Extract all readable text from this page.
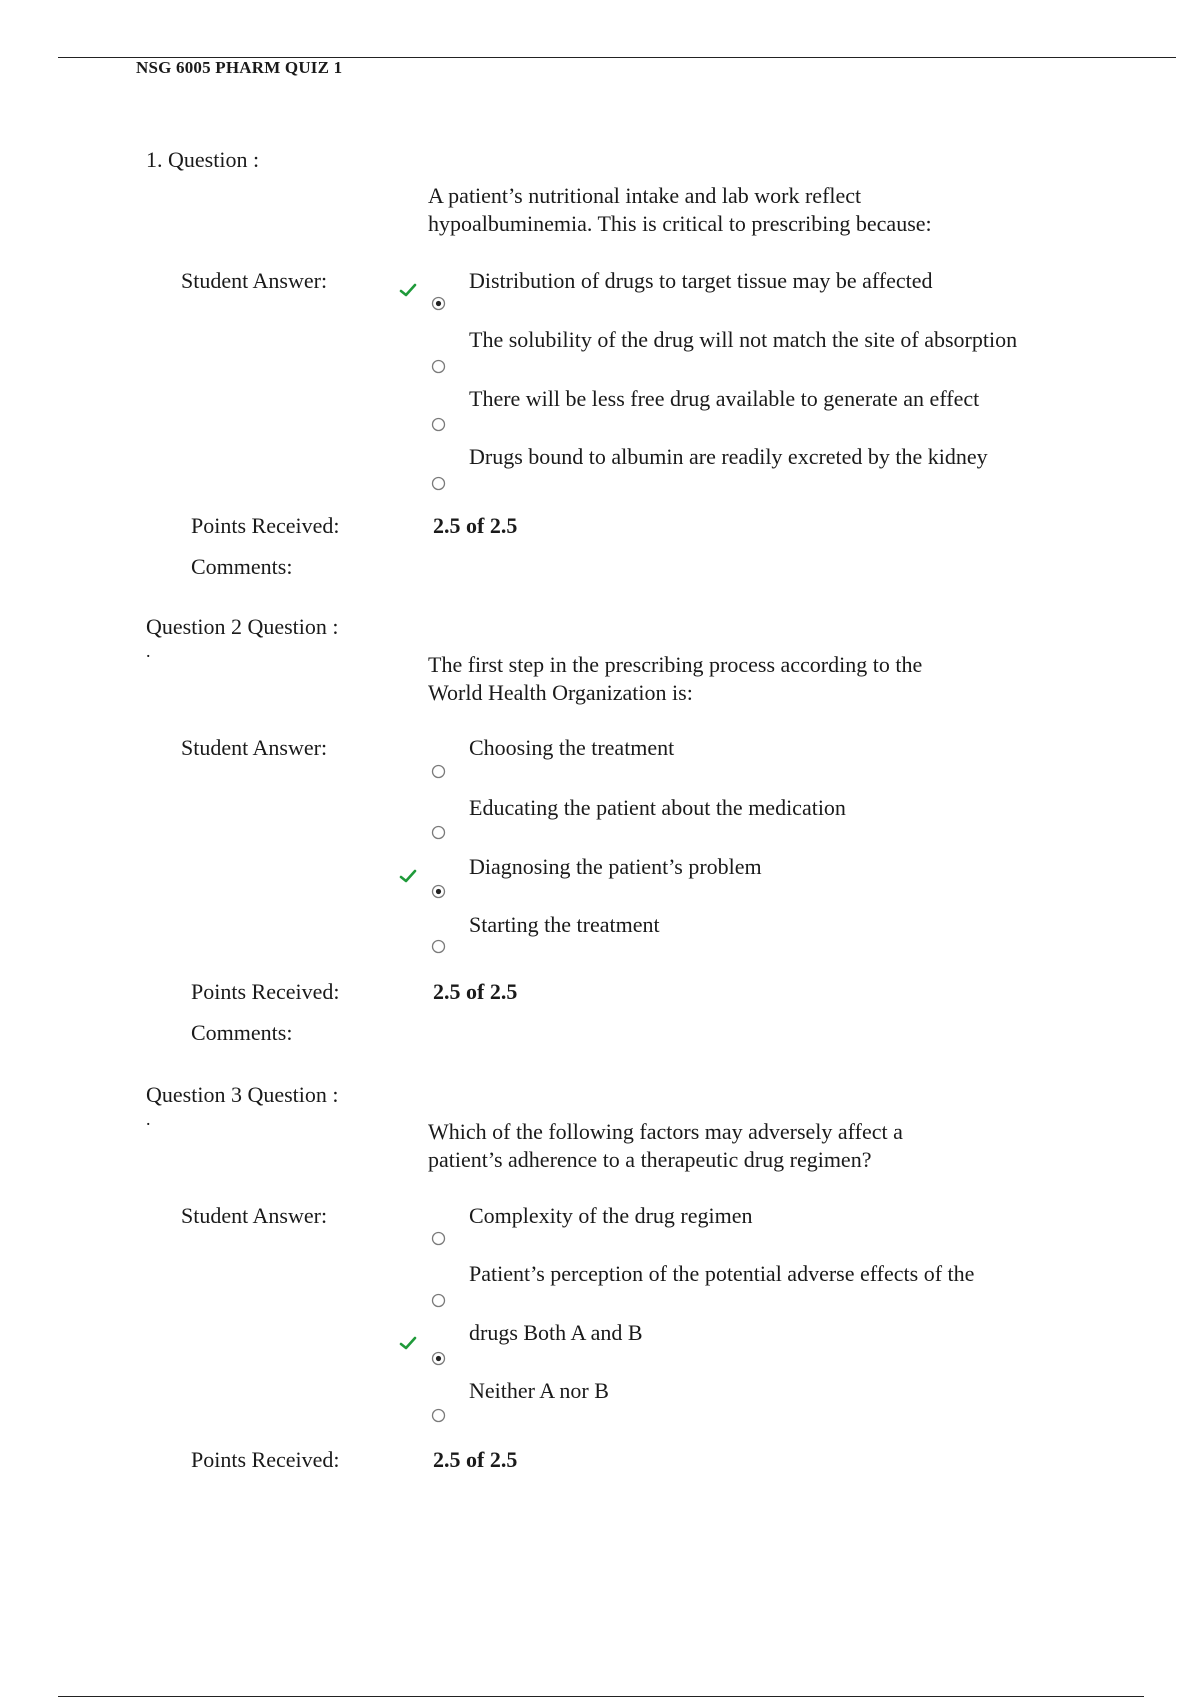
NSG 6005 PHARM QUIZ 1
1. Question :
A patient’s nutritional intake and lab work reflect
hypoalbuminemia. This is critical to prescribing because:
Student Answer:	Distribution of drugs to target tissue may be affected
The solubility of the drug will not match the site of absorption
There will be less free drug available to generate an effect
Drugs bound to albumin are readily excreted by the kidney
Points Received:	2.5 of 2.5
Comments:
Question 2 Question :
.
The first step in the prescribing process according to the
World Health Organization is:
Student Answer:	Choosing the treatment
Educating the patient about the medication
Diagnosing the patient’s problem
Starting the treatment
Points Received:	2.5 of 2.5
Comments:
Question 3 Question :
.	Which of the following factors may adversely affect a
patient’s adherence to a therapeutic drug regimen?
Student Answer:	Complexity of the drug regimen
Patient’s perception of the potential adverse effects of the
drugs Both A and B
Neither A nor B
Points Received:	2.5 of 2.5
